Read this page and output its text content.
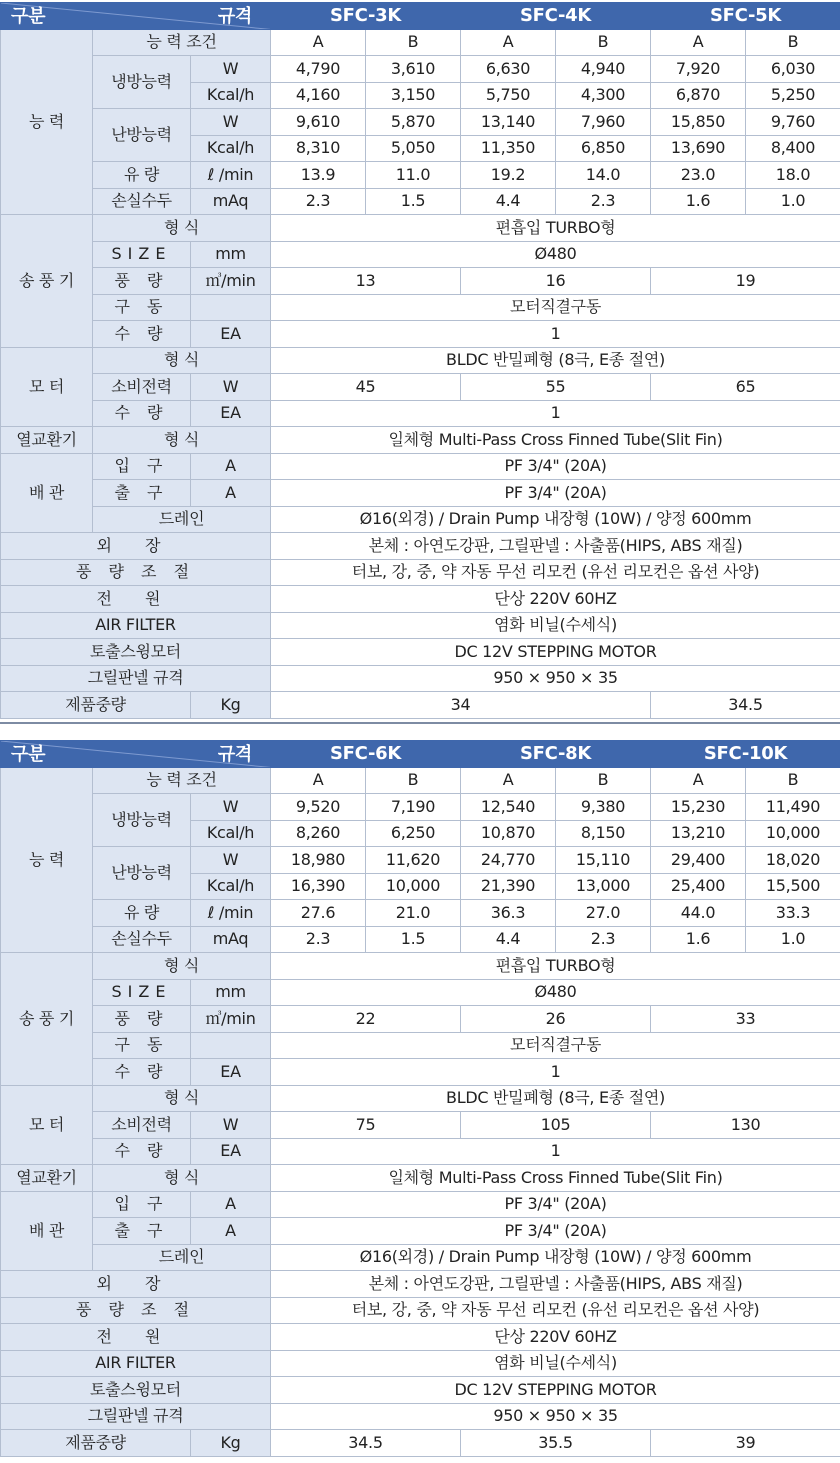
구분 규격			SFC-3K		SFC-4K		SFC-5K	
능 력	능 력 조건		A	B	A	B	A	B
	냉방능력	W	4,790	3,610	6,630	4,940	7,920	6,030
		Kcal/h	4,160	3,150	5,750	4,300	6,870	5,250
	난방능력	W	9,610	5,870	13,140	7,960	15,850	9,760
		Kcal/h	8,310	5,050	11,350	6,850	13,690	8,400
	유 량	ℓ /min	13.9	11.0	19.2	14.0	23.0	18.0
	손실수두	mAq	2.3	1.5	4.4	2.3	1.6	1.0
송 풍 기	형 식		편흡입 TURBO형					
	SIZE	mm	Ø480					
	풍 량	㎥/min	13		16		19	
	구 동		모터직결구동					
	수 량	EA	1					
모 터	형 식		BLDC 반밀폐형 (8극, E종 절연)					
	소비전력	W	45		55		65	
	수 량	EA	1					
열교환기	형 식		일체형 Multi-Pass Cross Finned Tube(Slit Fin)					
배 관	입 구	A	PF 3/4" (20A)					
	출 구	A	PF 3/4" (20A)					
	드레인		Ø16(외경) / Drain Pump 내장형 (10W) / 양정 600mm					
외 장			본체 : 아연도강판, 그릴판넬 : 사출품(HIPS, ABS 재질)					
풍 량 조 절			터보, 강, 중, 약 자동 무선 리모컨 (유선 리모컨은 옵션 사양)					
전 원			단상 220V 60HZ					
AIR FILTER			염화 비닐(수세식)					
토출스윙모터			DC 12V STEPPING MOTOR					
그릴판넬 규격			950 × 950 × 35					
제품중량		Kg	34				34.5	
구분 규격			SFC-6K		SFC-8K		SFC-10K	
능 력	능 력 조건		A	B	A	B	A	B
	냉방능력	W	9,520	7,190	12,540	9,380	15,230	11,490
		Kcal/h	8,260	6,250	10,870	8,150	13,210	10,000
	난방능력	W	18,980	11,620	24,770	15,110	29,400	18,020
		Kcal/h	16,390	10,000	21,390	13,000	25,400	15,500
	유 량	ℓ /min	27.6	21.0	36.3	27.0	44.0	33.3
	손실수두	mAq	2.3	1.5	4.4	2.3	1.6	1.0
송 풍 기	형 식		편흡입 TURBO형					
	SIZE	mm	Ø480					
	풍 량	㎥/min	22		26		33	
	구 동		모터직결구동					
	수 량	EA	1					
모 터	형 식		BLDC 반밀폐형 (8극, E종 절연)					
	소비전력	W	75		105		130	
	수 량	EA	1					
열교환기	형 식		일체형 Multi-Pass Cross Finned Tube(Slit Fin)					
배 관	입 구	A	PF 3/4" (20A)					
	출 구	A	PF 3/4" (20A)					
	드레인		Ø16(외경) / Drain Pump 내장형 (10W) / 양정 600mm					
외 장			본체 : 아연도강판, 그릴판넬 : 사출품(HIPS, ABS 재질)					
풍 량 조 절			터보, 강, 중, 약 자동 무선 리모컨 (유선 리모컨은 옵션 사양)					
전 원			단상 220V 60HZ					
AIR FILTER			염화 비닐(수세식)					
토출스윙모터			DC 12V STEPPING MOTOR					
그릴판넬 규격			950 × 950 × 35					
제품중량		Kg	34.5		35.5		39	
